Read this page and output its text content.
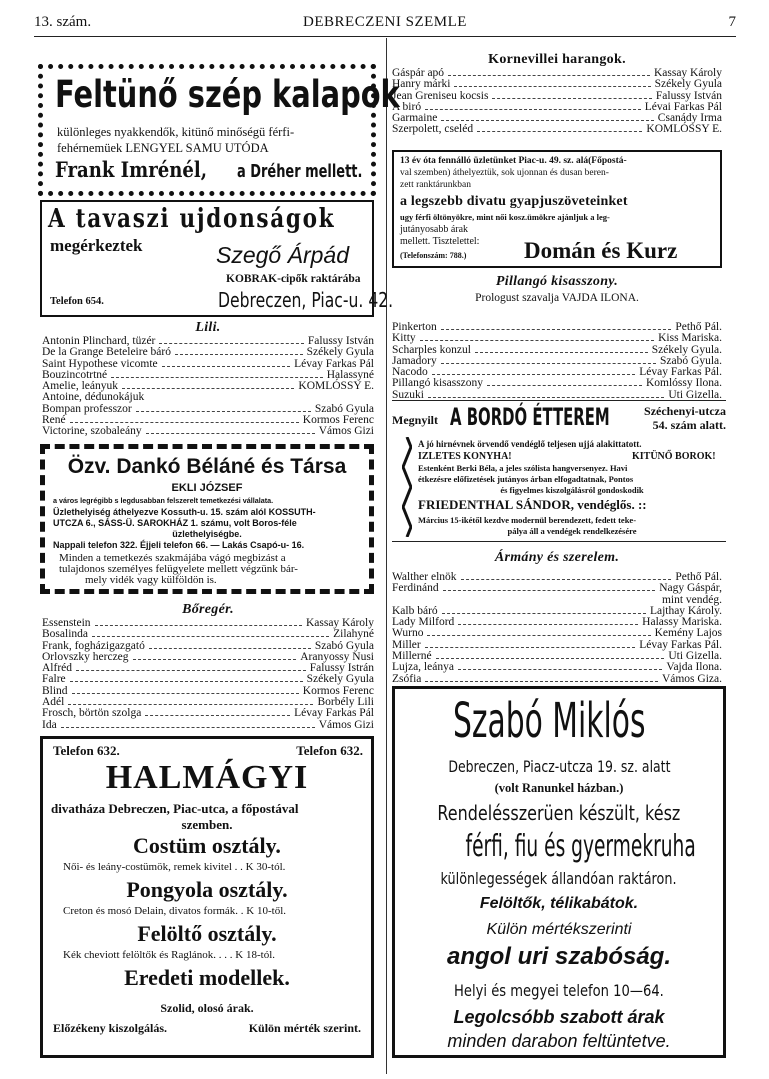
13. szám.	DEBRECZENI SZEMLE	7
Feltünő szép kalapok
különleges nyakkendők, kitünő minőségü férfi-
fehérnemüek LENGYEL SAMU UTÓDA
Frank Imrénél,	a Dréher mellett.
A tavaszi ujdonságok
megérkeztek	Szegő Árpád
KOBRAK-cipők raktárába
Telefon 654.	Debreczen, Piac-u. 42.
Lili.
Antonin Plinchard, tüzér	Falussy István
De la Grange Beteleire báró	Székely Gyula
Saint Hypothese vicomte	Lévay Farkas Pál
Bouzincotrtné	Halassyné
Amelie, leányuk	KOMLÓSSY E.
Antoine, dédunokájuk
Bompan professzor	Szabó Gyula
René	Kormos Ferenc
Victorine, szobaleány	Vámos Gizi
Özv. Dankó Béláné és Társa
EKLI JÓZSEF
a város legrégibb s legdusabban felszerelt temetkezési vállalata.
Üzlethelyiség áthelyezve Kossuth-u. 15. szám alól KOSSUTH-
UTCZA 6., SÁSS-Ü. SAROKHÁZ 1. számu, volt Boros-féle
üzlethelyiségbe.
Nappali telefon 322. Éjjeli telefon 66. — Lakás Csapó-u- 16.
Minden a temetkezés szakmájába vágó megbizást a
tulajdonos személyes felügyelete mellett végzünk bár-
mely vidék vagy külföldön is.
Bőregér.
Essenstein	Kassay Károly
Bosalinda	Zilahyné
Frank, fogházigazgató	Szabó Gyula
Orlovszky herczeg	Aranyossy Nusi
Alfréd	Falussy Istrán
Falre	Székely Gyula
Blind	Kormos Ferenc
Adél	Borbély Lili
Frosch, börtön szolga	Lévay Farkas Pál
Ida	Vámos Gizi
Telefon 632.	Telefon 632.
HALMÁGYI
divatháza Debreczen, Piac-utca, a főpostával
szemben.
Costüm osztály.
Női- és leány-costümök, remek kivitel . . K 30-tól.
Pongyola osztály.
Creton és mosó Delain, divatos formák. . K 10-től.
Felöltő osztály.
Kék cheviott felöltők és Raglánok. . . . K 18-tól.
Eredeti modellek.
Szolid, olosó árak.
Előzékeny kiszolgálás.	Külön mérték szerint.
Kornevillei harangok.
Gáspár apó	Kassay Károly
Hanry márki	Székely Gyula
Jean Greniseu kocsis	Falussy István
A biró	Lévai Farkas Pál
Garmaine	Csanády Irma
Szerpolett, cseléd	KOMLÓSSY E.
13 év óta fennálló üzletünket Piac-u. 49. sz. alá(Főpostá-
val szemben) áthelyeztük, sok ujonnan és dusan beren-
zett ranktárunkban
a legszebb divatu gyapjuszöveteinket
ugy férfi öltönyökre, mint női kosz.ümökre ajánljuk a leg-
jutányosabb árak
mellett. Tisztelettel:
(Telefonszám: 788.)	Domán és Kurz
Pillangó kisasszony.
Prologust szavalja VAJDA ILONA.
Pinkerton	Pethő Pál.
Kitty	Kiss Mariska.
Scharples konzul	Székely Gyula.
Jamadory	Szabó Gyula.
Nacodo	Lévay Farkas Pál.
Pillangó kisasszony	Komlóssy Ilona.
Suzuki	Uti Gizella.
Megnyilt A BORDÓ ÉTTEREM	Széchenyi-utcza
54. szám alatt.
A jó hirnévnek örvendő vendéglő teljesen ujjá alakittatott.
IZLETES KONYHA!	KITÜNŐ BOROK!
Estenként Berki Béla, a jeles szólista hangversenyez. Havi
étkezésre előfizetések jutányos árban elfogadtatnak, Pontos
és figyelmes kiszolgálásról gondoskodik
FRIEDENTHAL SÁNDOR, vendéglős. ::
Március 15-ikétől kezdve modernül berendezett, fedett teke-
pálya áll a vendégek rendelkezésére
Ármány és szerelem.
Walther elnök	Pethő Pál.
Ferdinánd	Nagy Gáspár,
mint vendég.
Kalb báró	Lajthay Károly.
Lady Milford	Halassy Mariska.
Wurno	Kemény Lajos
Miller	Lévay Farkas Pál.
Millerné	Uti Gizella.
Lujza, leánya	Vajda Ilona.
Zsófia	Vámos Giza.
Szabó Miklós
Debreczen, Piacz-utcza 19. sz. alatt
(volt Ranunkel házban.)
Rendelésszerüen készült, kész
férfi, fiu és gyermekruha
különlegességek állandóan raktáron.
Felöltők, télikabátok.
Külön mértékszerinti
angol uri szabóság.
Helyi és megyei telefon 10—64.
Legolcsóbb szabott árak
minden darabon feltüntetve.
